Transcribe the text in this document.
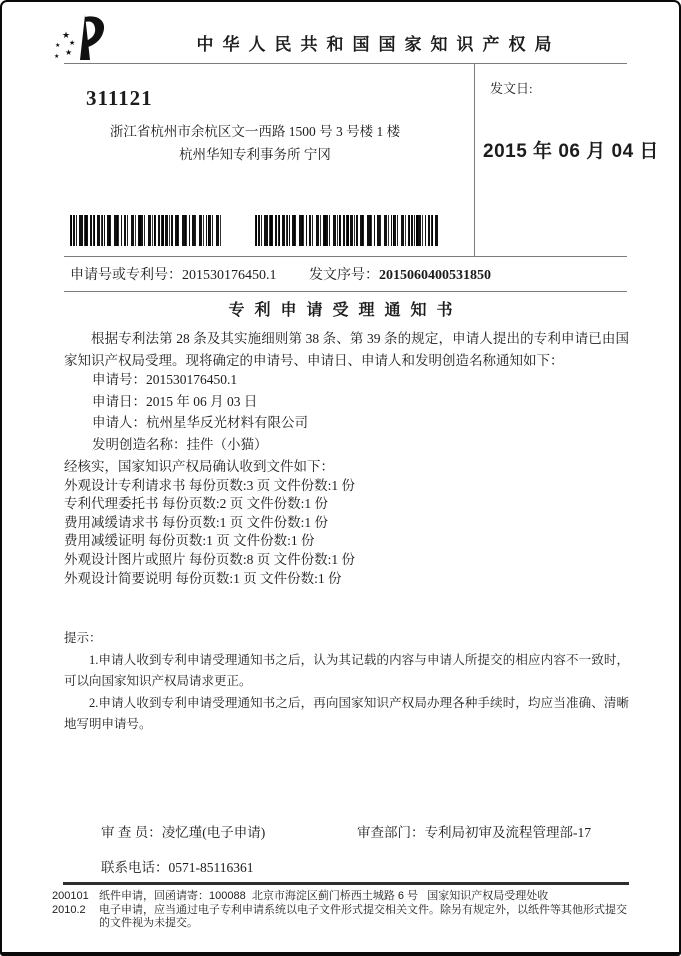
★
★
★
★
★
中华人民共和国国家知识产权局
311121
浙江省杭州市余杭区文一西路 1500 号 3 号楼 1 楼
杭州华知专利事务所 宁冈
发文日:
2015 年 06 月 04 日
申请号或专利号：201530176450.1 发文序号：2015060400531850
专利申请受理通知书

根据专利法第 28 条及其实施细则第 38 条、第 39 条的规定，申请人提出的专利申请已由国家知识产权局受理。现将确定的申请号、申请日、申请人和发明创造名称通知如下：

申请号：201530176450.1
申请日：2015 年 06 月 03 日
申请人：杭州星华反光材料有限公司
发明创造名称：挂件（小猫）
经核实，国家知识产权局确认收到文件如下：
外观设计专利请求书 每份页数:3 页 文件份数:1 份
专利代理委托书 每份页数:2 页 文件份数:1 份
费用减缓请求书 每份页数:1 页 文件份数:1 份
费用减缓证明 每份页数:1 页 文件份数:1 份
外观设计图片或照片 每份页数:8 页 文件份数:1 份
外观设计简要说明 每份页数:1 页 文件份数:1 份

提示：

1.申请人收到专利申请受理通知书之后，认为其记载的内容与申请人所提交的相应内容不一致时，可以向国家知识产权局请求更正。

2.申请人收到专利申请受理通知书之后，再向国家知识产权局办理各种手续时，均应当准确、清晰地写明申请号。

审 查 员：凌忆瑾(电子申请)	审查部门：专利局初审及流程管理部-17
联系电话：0571-85116361
200101 纸件申请，回函请寄：100088  北京市海淀区蓟门桥西土城路 6 号   国家知识产权局受理处收
2010.2	电子申请，应当通过电子专利申请系统以电子文件形式提交相关文件。除另有规定外，以纸件等其他形式提交的文件视为未提交。
